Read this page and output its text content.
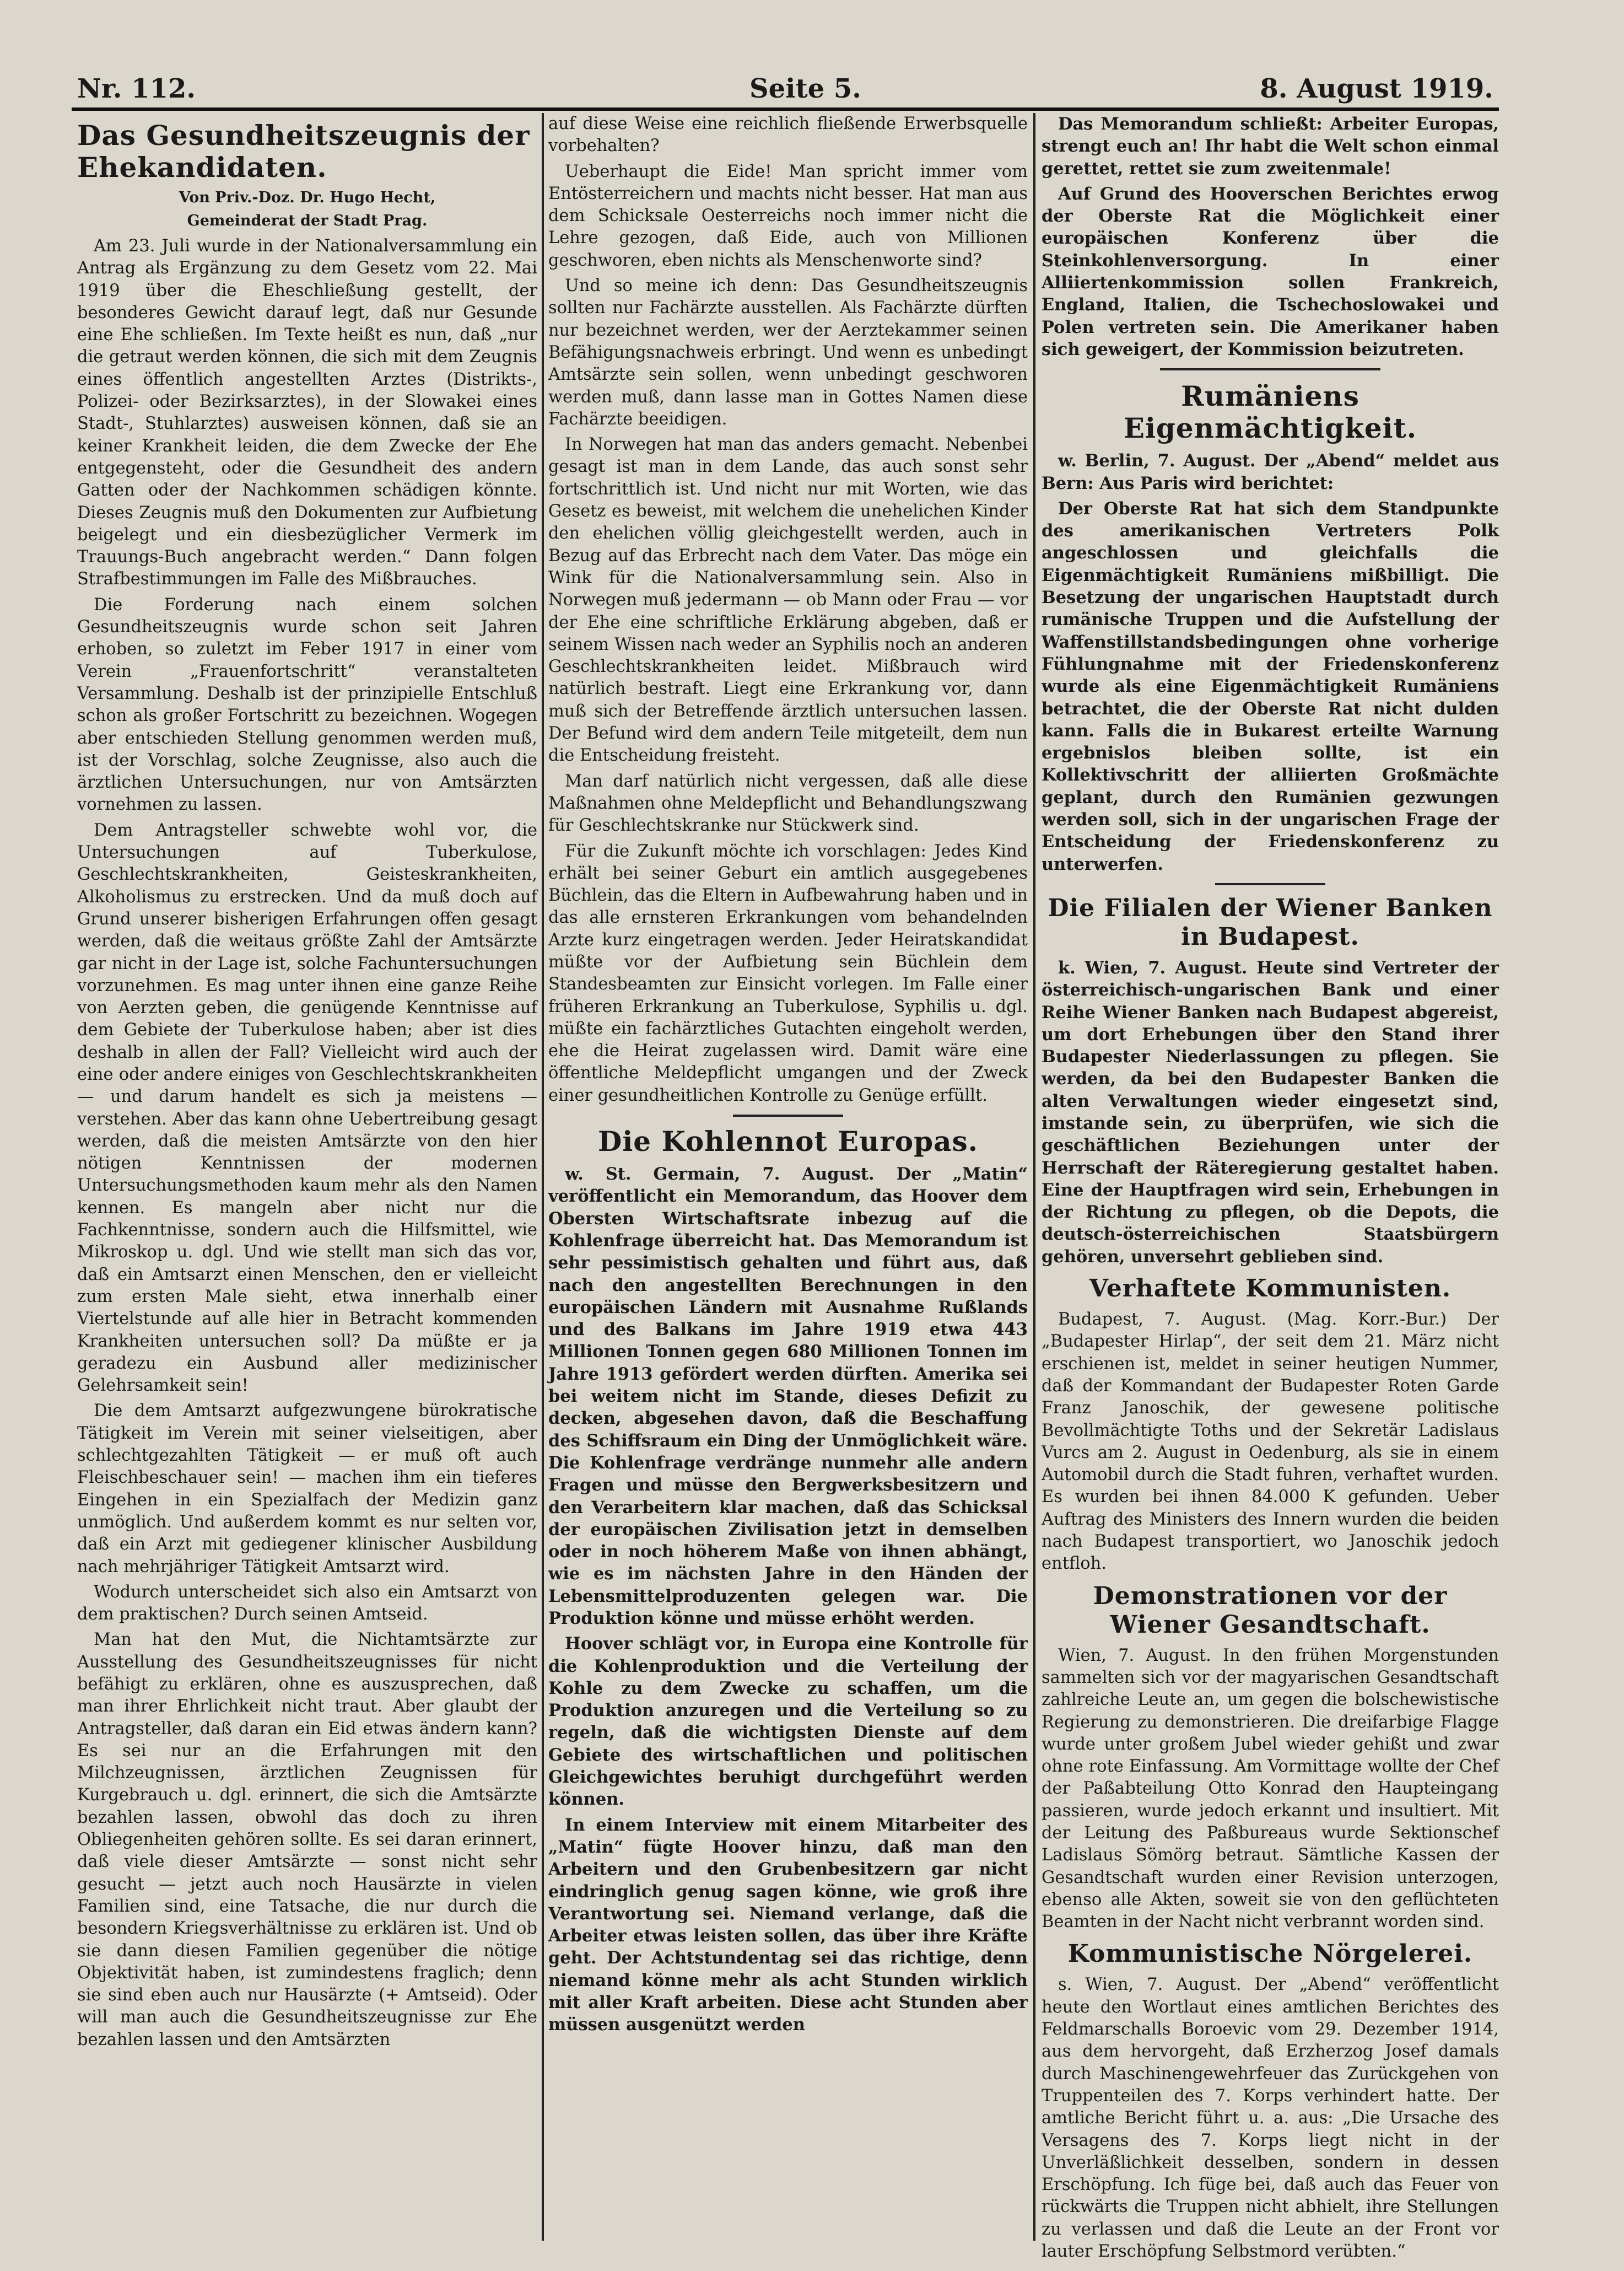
Nr. 112.	Seite 5.	8. August 1919.
Das Gesundheitszeugnis der Ehekandidaten.
Von Priv.-Doz. Dr. Hugo Hecht,
Gemeinderat der Stadt Prag.

Am 23. Juli wurde in der Nationalversammlung ein Antrag als Ergänzung zu dem Gesetz vom 22. Mai 1919 über die Eheschließung gestellt, der besonderes Gewicht darauf legt, daß nur Gesunde eine Ehe schließen. Im Texte heißt es nun, daß „nur die getraut werden können, die sich mit dem Zeugnis eines öffentlich angestellten Arztes (Distrikts-, Polizei- oder Bezirksarztes), in der Slowakei eines Stadt-, Stuhlarztes) ausweisen können, daß sie an keiner Krankheit leiden, die dem Zwecke der Ehe entgegensteht, oder die Gesundheit des andern Gatten oder der Nachkommen schädigen könnte. Dieses Zeugnis muß den Dokumenten zur Aufbietung beigelegt und ein diesbezüglicher Vermerk im Trauungs-Buch angebracht werden.“ Dann folgen Strafbestimmungen im Falle des Mißbrauches.

Die Forderung nach einem solchen Gesundheitszeugnis wurde schon seit Jahren erhoben, so zuletzt im Feber 1917 in einer vom Verein „Frauenfortschritt“ veranstalteten Versammlung. Deshalb ist der prinzipielle Entschluß schon als großer Fortschritt zu bezeichnen. Wogegen aber entschieden Stellung genommen werden muß, ist der Vorschlag, solche Zeugnisse, also auch die ärztlichen Untersuchungen, nur von Amtsärzten vornehmen zu lassen.

Dem Antragsteller schwebte wohl vor, die Untersuchungen auf Tuberkulose, Geschlechtskrankheiten, Geisteskrankheiten, Alkoholismus zu erstrecken. Und da muß doch auf Grund unserer bisherigen Erfahrungen offen gesagt werden, daß die weitaus größte Zahl der Amtsärzte gar nicht in der Lage ist, solche Fachuntersuchungen vorzunehmen. Es mag unter ihnen eine ganze Reihe von Aerzten geben, die genügende Kenntnisse auf dem Gebiete der Tuberkulose haben; aber ist dies deshalb in allen der Fall? Vielleicht wird auch der eine oder andere einiges von Geschlechtskrankheiten — und darum handelt es sich ja meistens — verstehen. Aber das kann ohne Uebertreibung gesagt werden, daß die meisten Amtsärzte von den hier nötigen Kenntnissen der modernen Untersuchungsmethoden kaum mehr als den Namen kennen. Es mangeln aber nicht nur die Fachkenntnisse, sondern auch die Hilfsmittel, wie Mikroskop u. dgl. Und wie stellt man sich das vor, daß ein Amtsarzt einen Menschen, den er vielleicht zum ersten Male sieht, etwa innerhalb einer Viertelstunde auf alle hier in Betracht kommenden Krankheiten untersuchen soll? Da müßte er ja geradezu ein Ausbund aller medizinischer Gelehrsamkeit sein!

Die dem Amtsarzt aufgezwungene bürokratische Tätigkeit im Verein mit seiner vielseitigen, aber schlechtgezahlten Tätigkeit — er muß oft auch Fleischbeschauer sein! — machen ihm ein tieferes Eingehen in ein Spezialfach der Medizin ganz unmöglich. Und außerdem kommt es nur selten vor, daß ein Arzt mit gediegener klinischer Ausbildung nach mehrjähriger Tätigkeit Amtsarzt wird.

Wodurch unterscheidet sich also ein Amtsarzt von dem praktischen? Durch seinen Amtseid.

Man hat den Mut, die Nichtamtsärzte zur Ausstellung des Gesundheitszeugnisses für nicht befähigt zu erklären, ohne es auszusprechen, daß man ihrer Ehrlichkeit nicht traut. Aber glaubt der Antragsteller, daß daran ein Eid etwas ändern kann? Es sei nur an die Erfahrungen mit den Milchzeugnissen, ärztlichen Zeugnissen für Kurgebrauch u. dgl. erinnert, die sich die Amtsärzte bezahlen lassen, obwohl das doch zu ihren Obliegenheiten gehören sollte. Es sei daran erinnert, daß viele dieser Amtsärzte — sonst nicht sehr gesucht — jetzt auch noch Hausärzte in vielen Familien sind, eine Tatsache, die nur durch die besondern Kriegsverhältnisse zu erklären ist. Und ob sie dann diesen Familien gegenüber die nötige Objektivität haben, ist zumindestens fraglich; denn sie sind eben auch nur Hausärzte (+ Amtseid). Oder will man auch die Gesundheitszeugnisse zur Ehe bezahlen lassen und den Amtsärzten

auf diese Weise eine reichlich fließende Erwerbsquelle vorbehalten?

Ueberhaupt die Eide! Man spricht immer vom Entösterreichern und machts nicht besser. Hat man aus dem Schicksale Oesterreichs noch immer nicht die Lehre gezogen, daß Eide, auch von Millionen geschworen, eben nichts als Menschenworte sind?

Und so meine ich denn: Das Gesundheitszeugnis sollten nur Fachärzte ausstellen. Als Fachärzte dürften nur bezeichnet werden, wer der Aerztekammer seinen Befähigungsnachweis erbringt. Und wenn es unbedingt Amtsärzte sein sollen, wenn unbedingt geschworen werden muß, dann lasse man in Gottes Namen diese Fachärzte beeidigen.

In Norwegen hat man das anders gemacht. Nebenbei gesagt ist man in dem Lande, das auch sonst sehr fortschrittlich ist. Und nicht nur mit Worten, wie das Gesetz es beweist, mit welchem die unehelichen Kinder den ehelichen völlig gleichgestellt werden, auch in Bezug auf das Erbrecht nach dem Vater. Das möge ein Wink für die Nationalversammlung sein. Also in Norwegen muß jedermann — ob Mann oder Frau — vor der Ehe eine schriftliche Erklärung abgeben, daß er seinem Wissen nach weder an Syphilis noch an anderen Geschlechtskrankheiten leidet. Mißbrauch wird natürlich bestraft. Liegt eine Erkrankung vor, dann muß sich der Betreffende ärztlich untersuchen lassen. Der Befund wird dem andern Teile mitgeteilt, dem nun die Entscheidung freisteht.

Man darf natürlich nicht vergessen, daß alle diese Maßnahmen ohne Meldepflicht und Behandlungszwang für Geschlechtskranke nur Stückwerk sind.

Für die Zukunft möchte ich vorschlagen: Jedes Kind erhält bei seiner Geburt ein amtlich ausgegebenes Büchlein, das die Eltern in Aufbewahrung haben und in das alle ernsteren Erkrankungen vom behandelnden Arzte kurz eingetragen werden. Jeder Heiratskandidat müßte vor der Aufbietung sein Büchlein dem Standesbeamten zur Einsicht vorlegen. Im Falle einer früheren Erkrankung an Tuberkulose, Syphilis u. dgl. müßte ein fachärztliches Gutachten eingeholt werden, ehe die Heirat zugelassen wird. Damit wäre eine öffentliche Meldepflicht umgangen und der Zweck einer gesundheitlichen Kontrolle zu Genüge erfüllt.

Die Kohlennot Europas.

w. St. Germain, 7. August. Der „Matin“ veröffentlicht ein Memorandum, das Hoover dem Obersten Wirtschaftsrate inbezug auf die Kohlenfrage überreicht hat. Das Memorandum ist sehr pessimistisch gehalten und führt aus, daß nach den angestellten Berechnungen in den europäischen Ländern mit Ausnahme Rußlands und des Balkans im Jahre 1919 etwa 443 Millionen Tonnen gegen 680 Millionen Tonnen im Jahre 1913 gefördert werden dürften. Amerika sei bei weitem nicht im Stande, dieses Defizit zu decken, abgesehen davon, daß die Beschaffung des Schiffsraum ein Ding der Unmöglichkeit wäre. Die Kohlenfrage verdränge nunmehr alle andern Fragen und müsse den Bergwerksbesitzern und den Verarbeitern klar machen, daß das Schicksal der europäischen Zivilisation jetzt in demselben oder in noch höherem Maße von ihnen abhängt, wie es im nächsten Jahre in den Händen der Lebensmittelproduzenten gelegen war. Die Produktion könne und müsse erhöht werden.

Hoover schlägt vor, in Europa eine Kontrolle für die Kohlenproduktion und die Verteilung der Kohle zu dem Zwecke zu schaffen, um die Produktion anzuregen und die Verteilung so zu regeln, daß die wichtigsten Dienste auf dem Gebiete des wirtschaftlichen und politischen Gleichgewichtes beruhigt durchgeführt werden können.

In einem Interview mit einem Mitarbeiter des „Matin“ fügte Hoover hinzu, daß man den Arbeitern und den Grubenbesitzern gar nicht eindringlich genug sagen könne, wie groß ihre Verantwortung sei. Niemand verlange, daß die Arbeiter etwas leisten sollen, das über ihre Kräfte geht. Der Achtstundentag sei das richtige, denn niemand könne mehr als acht Stunden wirklich mit aller Kraft arbeiten. Diese acht Stunden aber müssen ausgenützt werden

Das Memorandum schließt: Arbeiter Europas, strengt euch an! Ihr habt die Welt schon einmal gerettet, rettet sie zum zweitenmale!

Auf Grund des Hooverschen Berichtes erwog der Oberste Rat die Möglichkeit einer europäischen Konferenz über die Steinkohlenversorgung. In einer Alliiertenkommission sollen Frankreich, England, Italien, die Tschechoslowakei und Polen vertreten sein. Die Amerikaner haben sich geweigert, der Kommission beizutreten.

Rumäniens Eigenmächtigkeit.

w. Berlin, 7. August. Der „Abend“ meldet aus Bern: Aus Paris wird berichtet:

Der Oberste Rat hat sich dem Standpunkte des amerikanischen Vertreters Polk angeschlossen und gleichfalls die Eigenmächtigkeit Rumäniens mißbilligt. Die Besetzung der ungarischen Hauptstadt durch rumänische Truppen und die Aufstellung der Waffenstillstandsbedingungen ohne vorherige Fühlungnahme mit der Friedenskonferenz wurde als eine Eigenmächtigkeit Rumäniens betrachtet, die der Oberste Rat nicht dulden kann. Falls die in Bukarest erteilte Warnung ergebnislos bleiben sollte, ist ein Kollektivschritt der alliierten Großmächte geplant, durch den Rumänien gezwungen werden soll, sich in der ungarischen Frage der Entscheidung der Friedenskonferenz zu unterwerfen.

Die Filialen der Wiener Banken in Budapest.

k. Wien, 7. August. Heute sind Vertreter der österreichisch-ungarischen Bank und einer Reihe Wiener Banken nach Budapest abgereist, um dort Erhebungen über den Stand ihrer Budapester Niederlassungen zu pflegen. Sie werden, da bei den Budapester Banken die alten Verwaltungen wieder eingesetzt sind, imstande sein, zu überprüfen, wie sich die geschäftlichen Beziehungen unter der Herrschaft der Räteregierung gestaltet haben. Eine der Hauptfragen wird sein, Erhebungen in der Richtung zu pflegen, ob die Depots, die deutsch-österreichischen Staatsbürgern gehören, unversehrt geblieben sind.

Verhaftete Kommunisten.

Budapest, 7. August. (Mag. Korr.-Bur.) Der „Budapester Hirlap“, der seit dem 21. März nicht erschienen ist, meldet in seiner heutigen Nummer, daß der Kommandant der Budapester Roten Garde Franz Janoschik, der gewesene politische Bevollmächtigte Toths und der Sekretär Ladislaus Vurcs am 2. August in Oedenburg, als sie in einem Automobil durch die Stadt fuhren, verhaftet wurden. Es wurden bei ihnen 84.000 K gefunden. Ueber Auftrag des Ministers des Innern wurden die beiden nach Budapest transportiert, wo Janoschik jedoch entfloh.

Demonstrationen vor der Wiener Gesandtschaft.

Wien, 7. August. In den frühen Morgenstunden sammelten sich vor der magyarischen Gesandtschaft zahlreiche Leute an, um gegen die bolschewistische Regierung zu demonstrieren. Die dreifarbige Flagge wurde unter großem Jubel wieder gehißt und zwar ohne rote Einfassung. Am Vormittage wollte der Chef der Paßabteilung Otto Konrad den Haupteingang passieren, wurde jedoch erkannt und insultiert. Mit der Leitung des Paßbureaus wurde Sektionschef Ladislaus Sömörg betraut. Sämtliche Kassen der Gesandtschaft wurden einer Revision unterzogen, ebenso alle Akten, soweit sie von den geflüchteten Beamten in der Nacht nicht verbrannt worden sind.

Kommunistische Nörgelerei.

s. Wien, 7. August. Der „Abend“ veröffentlicht heute den Wortlaut eines amtlichen Berichtes des Feldmarschalls Boroevic vom 29. Dezember 1914, aus dem hervorgeht, daß Erzherzog Josef damals durch Maschinengewehrfeuer das Zurückgehen von Truppenteilen des 7. Korps verhindert hatte. Der amtliche Bericht führt u. a. aus: „Die Ursache des Versagens des 7. Korps liegt nicht in der Unverläßlichkeit desselben, sondern in dessen Erschöpfung. Ich füge bei, daß auch das Feuer von rückwärts die Truppen nicht abhielt, ihre Stellungen zu verlassen und daß die Leute an der Front vor lauter Erschöpfung Selbstmord verübten.“
